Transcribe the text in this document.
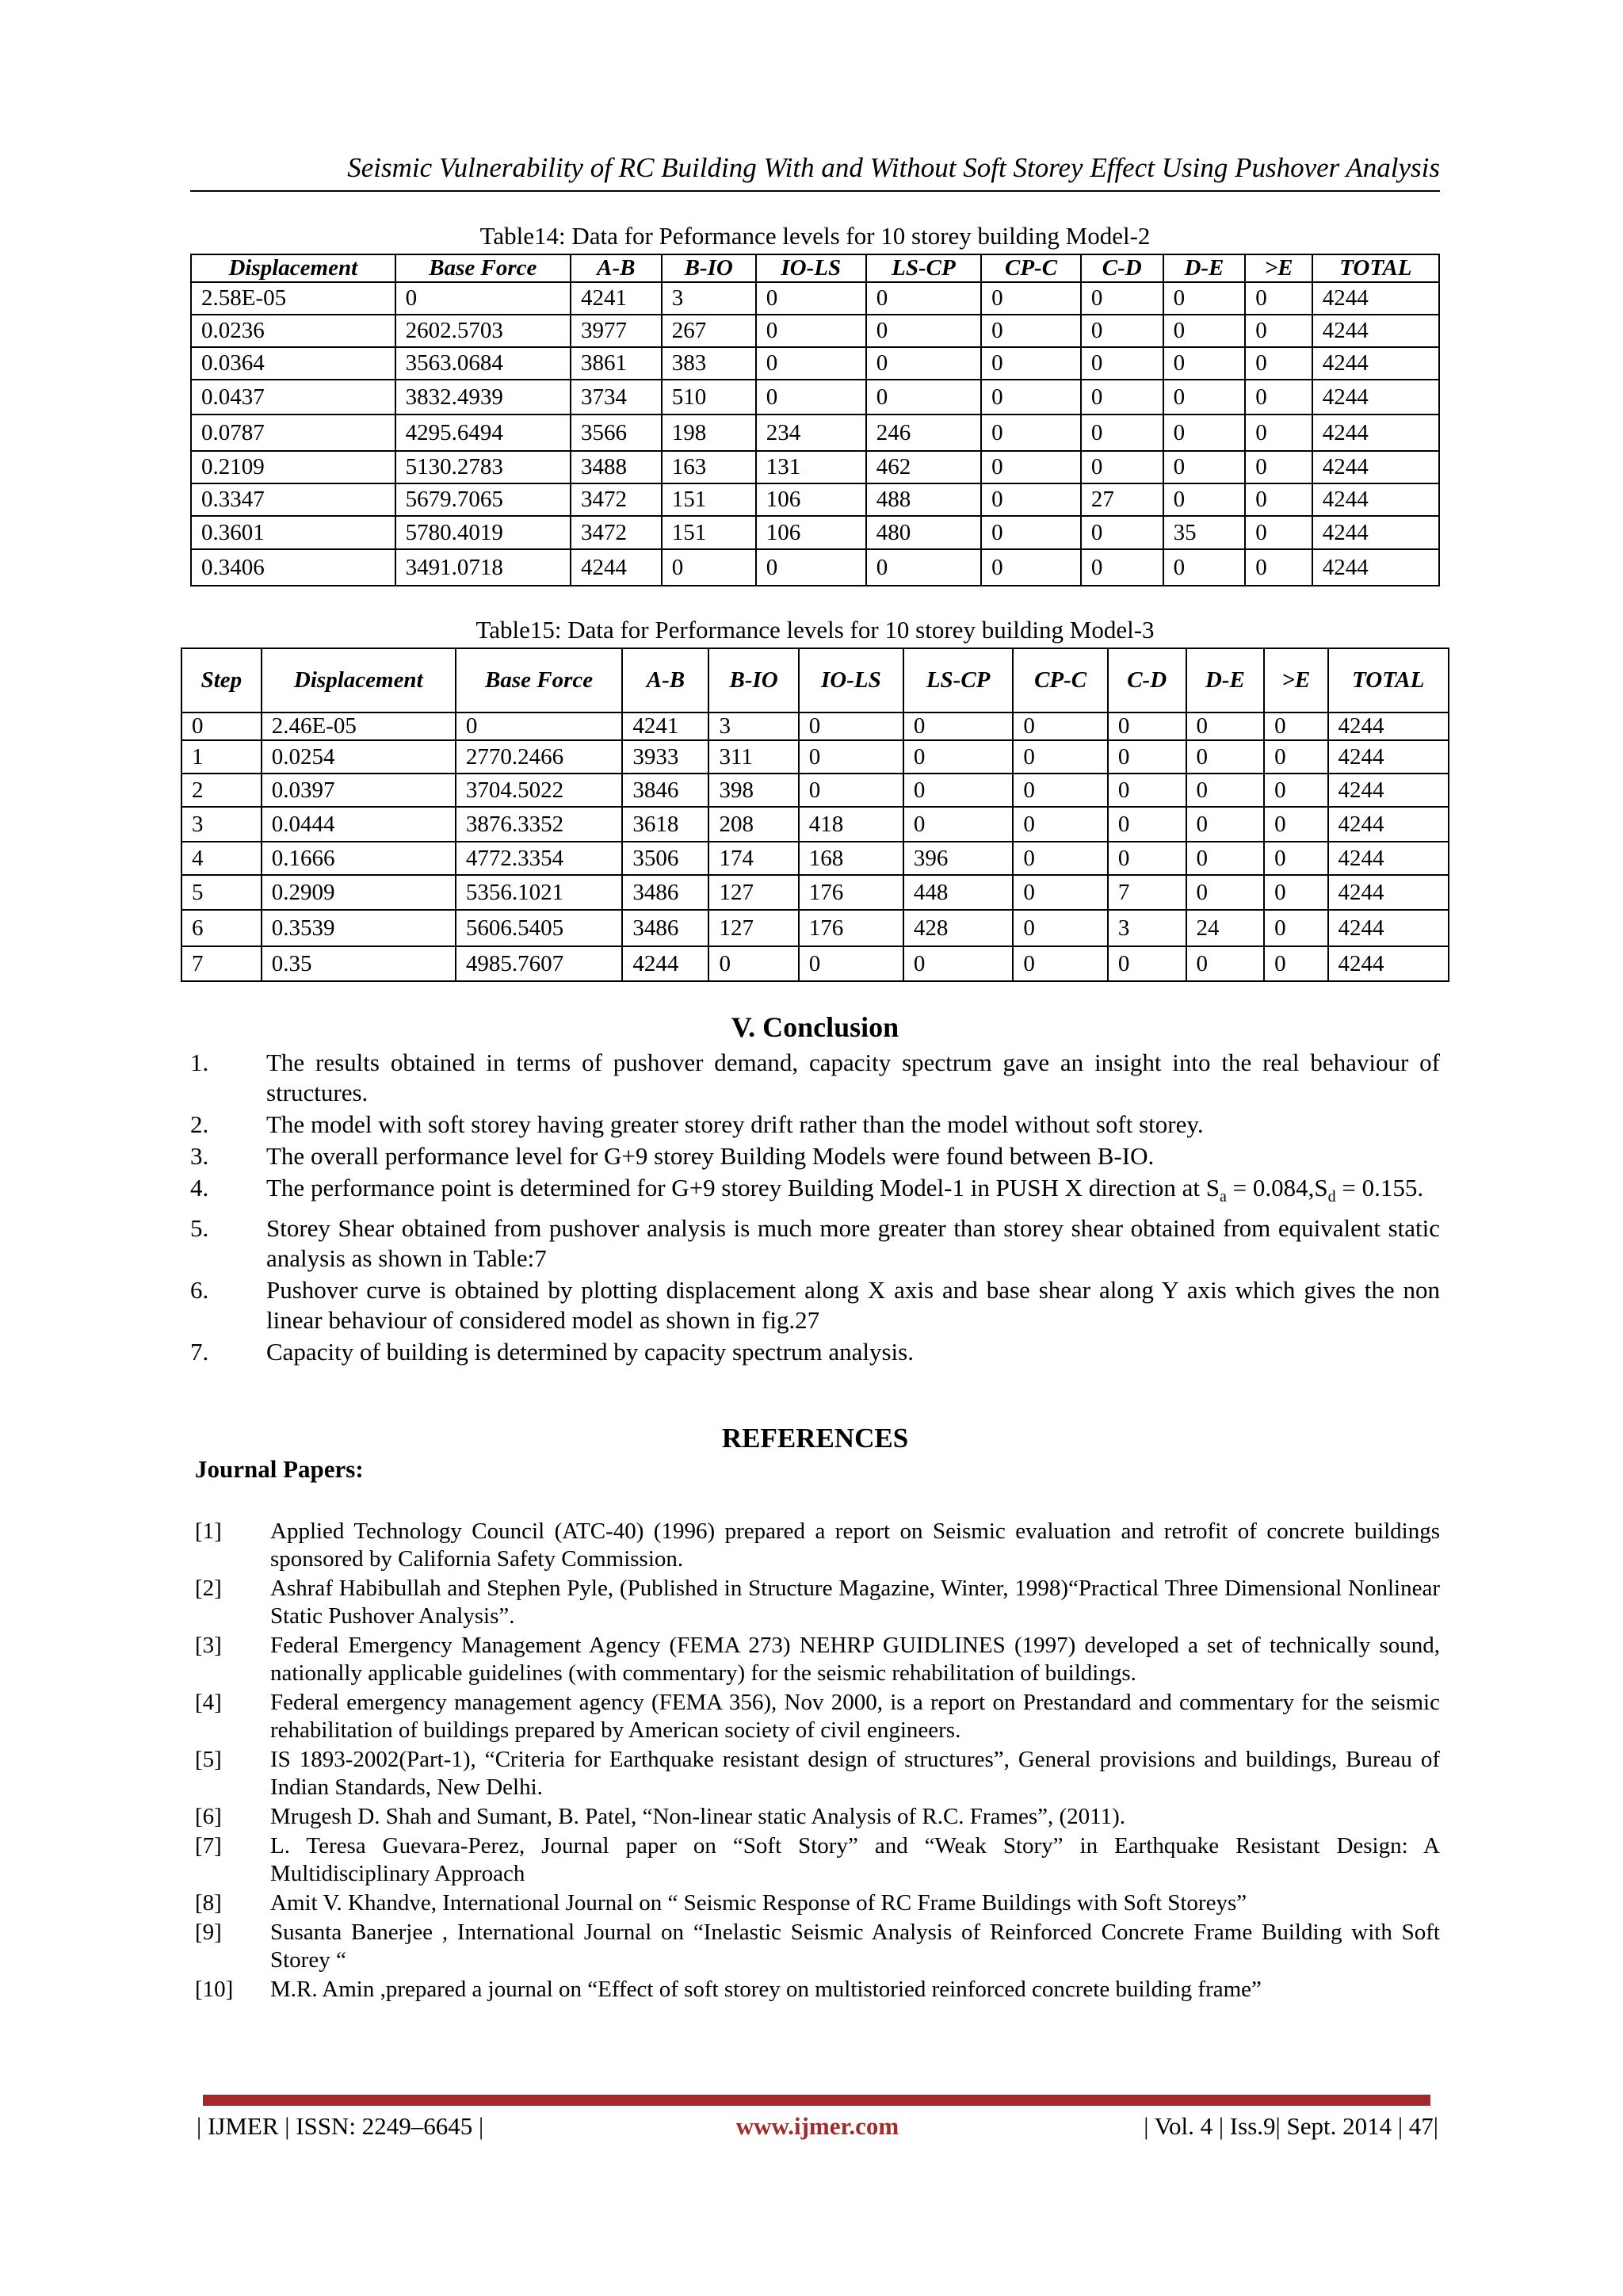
Seismic Vulnerability of RC Building With and Without Soft Storey Effect Using Pushover Analysis
Table14: Data for Peformance levels for 10 storey building Model-2
Displacement	Base Force	A-B	B-IO	IO-LS	LS-CP	CP-C	C-D	D-E	>E	TOTAL
2.58E-05	0	4241	3	0	0	0	0	0	0	4244
0.0236	2602.5703	3977	267	0	0	0	0	0	0	4244
0.0364	3563.0684	3861	383	0	0	0	0	0	0	4244
0.0437	3832.4939	3734	510	0	0	0	0	0	0	4244
0.0787	4295.6494	3566	198	234	246	0	0	0	0	4244
0.2109	5130.2783	3488	163	131	462	0	0	0	0	4244
0.3347	5679.7065	3472	151	106	488	0	27	0	0	4244
0.3601	5780.4019	3472	151	106	480	0	0	35	0	4244
0.3406	3491.0718	4244	0	0	0	0	0	0	0	4244
Table15: Data for Performance levels for 10 storey building Model-3
Step	Displacement	Base Force	A-B	B-IO	IO-LS	LS-CP	CP-C	C-D	D-E	>E	TOTAL
0	2.46E-05	0	4241	3	0	0	0	0	0	0	4244
1	0.0254	2770.2466	3933	311	0	0	0	0	0	0	4244
2	0.0397	3704.5022	3846	398	0	0	0	0	0	0	4244
3	0.0444	3876.3352	3618	208	418	0	0	0	0	0	4244
4	0.1666	4772.3354	3506	174	168	396	0	0	0	0	4244
5	0.2909	5356.1021	3486	127	176	448	0	7	0	0	4244
6	0.3539	5606.5405	3486	127	176	428	0	3	24	0	4244
7	0.35	4985.7607	4244	0	0	0	0	0	0	0	4244
V. Conclusion
1.	The results obtained in terms of pushover demand, capacity spectrum gave an insight into the real behaviour of structures.
2.	The model with soft storey having greater storey drift rather than the model without soft storey.
3.	The overall performance level for G+9 storey Building Models were found between B-IO.
4.	The performance point is determined for G+9 storey Building Model-1 in PUSH X direction at $S_a = 0.084,S_d = 0.155$.
5.	Storey Shear obtained from pushover analysis is much more greater than storey shear obtained from equivalent static analysis as shown in Table:7
6.	Pushover curve is obtained by plotting displacement along X axis and base shear along Y axis which gives the non linear behaviour of considered model as shown in fig.27
7.	Capacity of building is determined by capacity spectrum analysis.
REFERENCES
Journal Papers:
[1]	Applied Technology Council (ATC-40) (1996) prepared a report on Seismic evaluation and retrofit of concrete buildings sponsored by California Safety Commission.
[2]	Ashraf Habibullah and Stephen Pyle, (Published in Structure Magazine, Winter, 1998)“Practical Three Dimensional Nonlinear Static Pushover Analysis”.
[3]	Federal Emergency Management Agency (FEMA 273) NEHRP GUIDLINES (1997) developed a set of technically sound, nationally applicable guidelines (with commentary) for the seismic rehabilitation of buildings.
[4]	Federal emergency management agency (FEMA 356), Nov 2000, is a report on Prestandard and commentary for the seismic rehabilitation of buildings prepared by American society of civil engineers.
[5]	IS 1893-2002(Part-1), “Criteria for Earthquake resistant design of structures”, General provisions and buildings, Bureau of Indian Standards, New Delhi.
[6]	Mrugesh D. Shah and Sumant, B. Patel, “Non-linear static Analysis of R.C. Frames”, (2011).
[7]	L. Teresa Guevara-Perez, Journal paper on “Soft Story” and “Weak Story” in Earthquake Resistant Design: A Multidisciplinary Approach
[8]	Amit V. Khandve, International Journal on “ Seismic Response of RC Frame Buildings with Soft Storeys”
[9]	Susanta Banerjee , International Journal on “Inelastic Seismic Analysis of Reinforced Concrete Frame Building with Soft Storey “
[10]	M.R. Amin ,prepared a journal on “Effect of soft storey on multistoried reinforced concrete building frame”
| IJMER | ISSN: 2249–6645 |	www.ijmer.com	| Vol. 4 | Iss.9| Sept. 2014 | 47|
